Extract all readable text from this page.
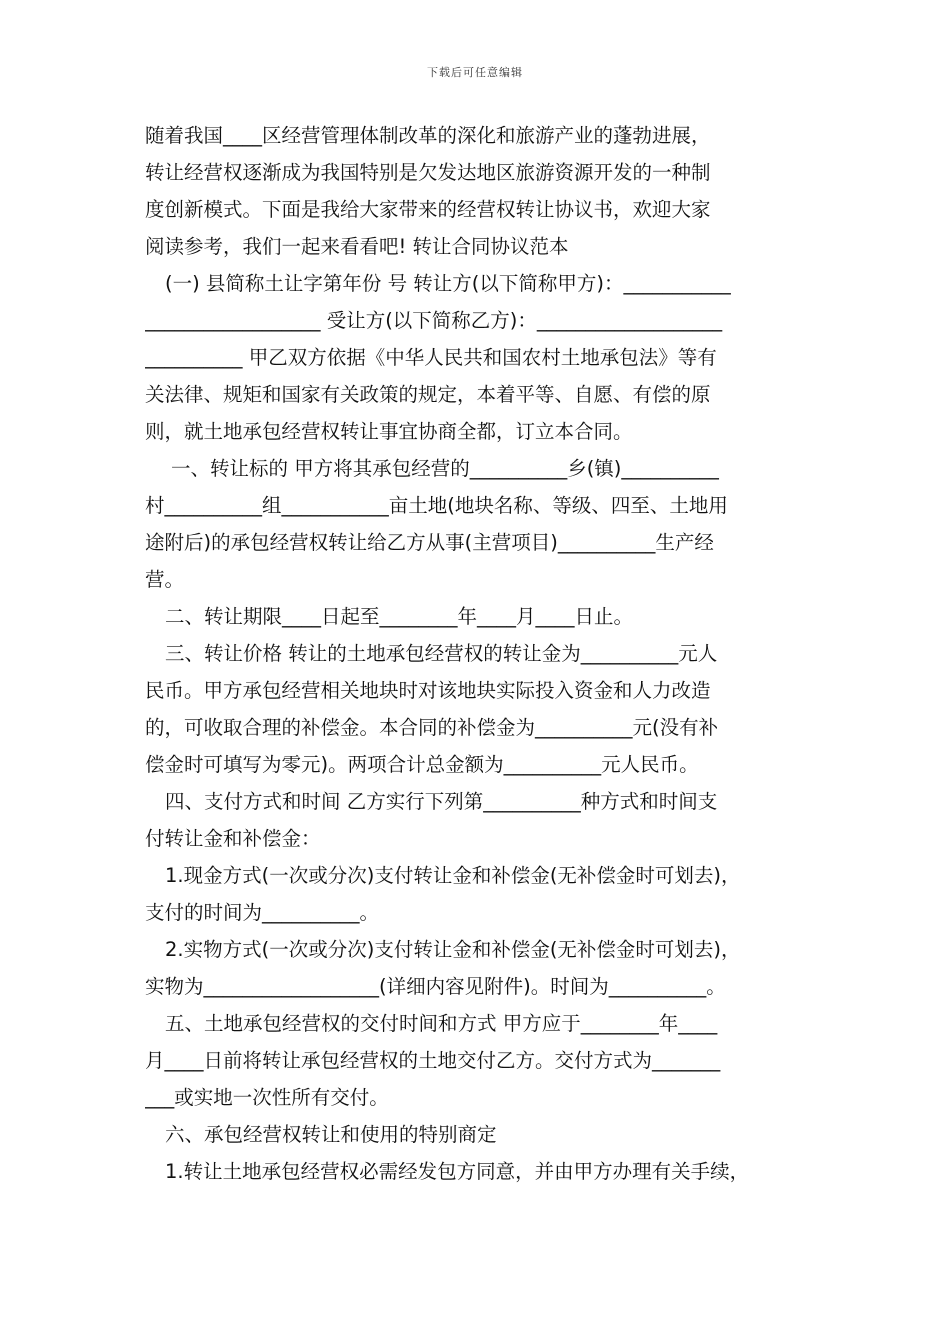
下载后可任意编辑
随着我国____区经营管理体制改革的深化和旅游产业的蓬勃进展，
转让经营权逐渐成为我国特别是欠发达地区旅游资源开发的一种制
度创新模式。下面是我给大家带来的经营权转让协议书，欢迎大家
阅读参考，我们一起来看看吧! 转让合同协议范本
(一) 县简称土让字第年份 号 转让方(以下简称甲方)：___________
__________________ 受让方(以下简称乙方)：___________________
__________ 甲乙双方依据《中华人民共和国农村土地承包法》等有
关法律、规矩和国家有关政策的规定，本着平等、自愿、有偿的原
则，就土地承包经营权转让事宜协商全都，订立本合同。
一、转让标的 甲方将其承包经营的__________乡(镇)__________
村__________组___________亩土地(地块名称、等级、四至、土地用
途附后)的承包经营权转让给乙方从事(主营项目)__________生产经
营。
二、转让期限____日起至________年____月____日止。
三、转让价格 转让的土地承包经营权的转让金为__________元人
民币。甲方承包经营相关地块时对该地块实际投入资金和人力改造
的，可收取合理的补偿金。本合同的补偿金为__________元(没有补
偿金时可填写为零元)。两项合计总金额为__________元人民币。
四、支付方式和时间 乙方实行下列第__________种方式和时间支
付转让金和补偿金：
1.现金方式(一次或分次)支付转让金和补偿金(无补偿金时可划去)，
支付的时间为__________。
2.实物方式(一次或分次)支付转让金和补偿金(无补偿金时可划去)，
实物为__________________(详细内容见附件)。时间为__________。
五、土地承包经营权的交付时间和方式 甲方应于________年____
月____日前将转让承包经营权的土地交付乙方。交付方式为_______
___或实地一次性所有交付。
六、承包经营权转让和使用的特别商定
1.转让土地承包经营权必需经发包方同意，并由甲方办理有关手续，
